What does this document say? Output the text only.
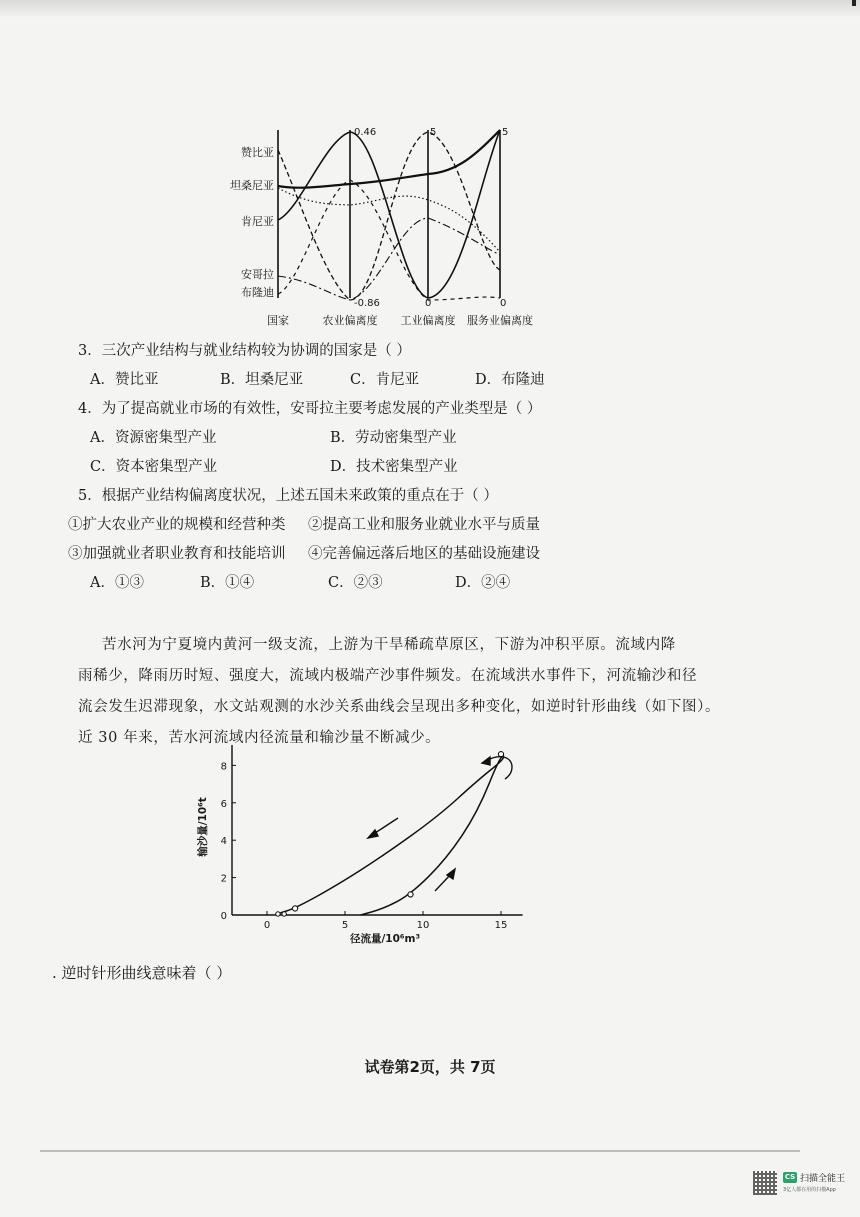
赞比亚
坦桑尼亚
肯尼亚
安哥拉
布隆迪
0.46
-0.86
5
0
5
0
国家	农业偏离度 工业偏离度 服务业偏离度
3．三次产业结构与就业结构较为协调的国家是（ ）
A．赞比亚	B．坦桑尼亚	C．肯尼亚	D．布隆迪
4．为了提高就业市场的有效性，安哥拉主要考虑发展的产业类型是（ ）
A．资源密集型产业	B．劳动密集型产业
C．资本密集型产业	D．技术密集型产业
5．根据产业结构偏离度状况，上述五国未来政策的重点在于（ ）
①扩大农业产业的规模和经营种类 ②提高工业和服务业就业水平与质量
③加强就业者职业教育和技能培训 ④完善偏远落后地区的基础设施建设
A．①③	B．①④	C．②③	D．②④
苦水河为宁夏境内黄河一级支流，上游为干旱稀疏草原区，下游为冲积平原。流域内降
雨稀少，降雨历时短、强度大，流域内极端产沙事件频发。在流域洪水事件下，河流输沙和径
流会发生迟滞现象，水文站观测的水沙关系曲线会呈现出多种变化，如逆时针形曲线（如下图）。
近 30 年来，苦水河流域内径流量和输沙量不断减少。
0	5	10	15
0
2
4
6
8
径流量/10⁶m³
输沙量/10⁶t
. 逆时针形曲线意味着（ ）
试卷第2页，共 7页
CS 扫描全能王
3亿人都在用的扫描App
